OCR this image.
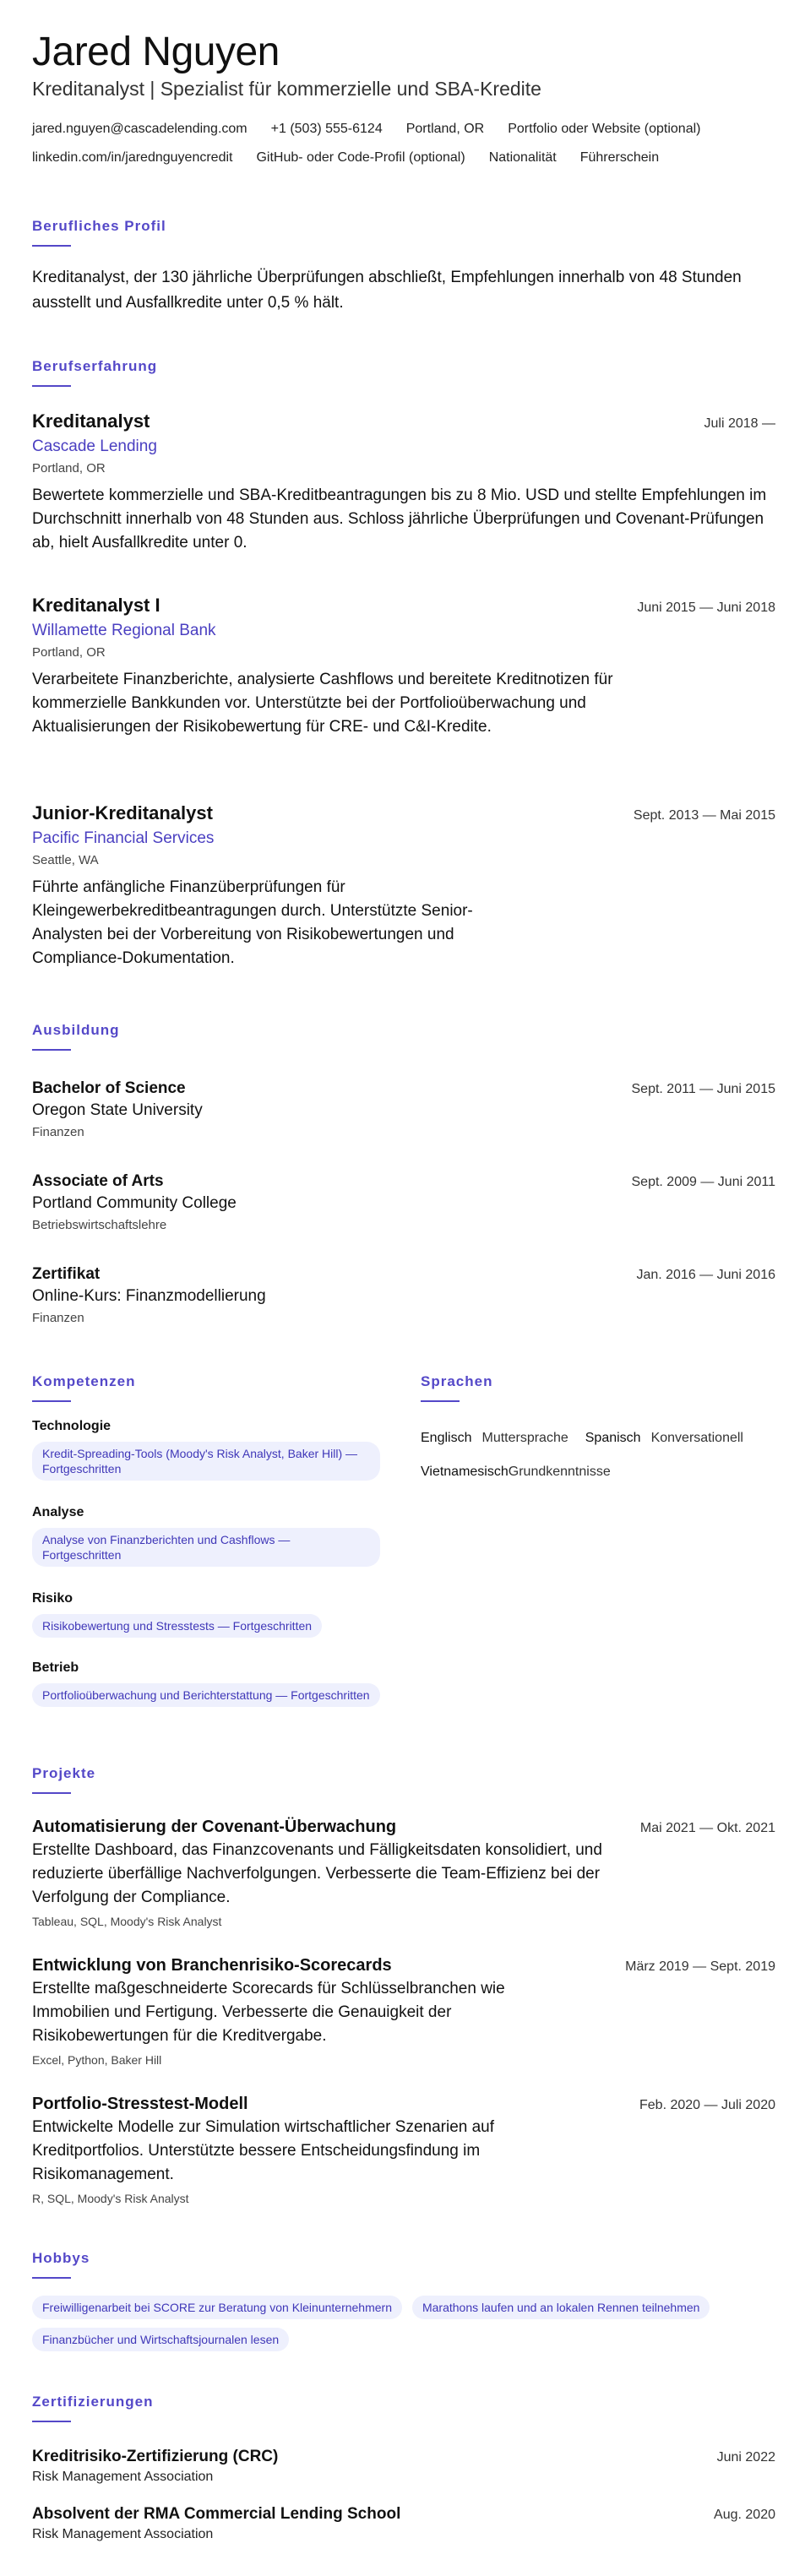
Jared Nguyen
Kreditanalyst | Spezialist für kommerzielle und SBA-Kredite
jared.nguyen@cascadelending.com +1 (503) 555-6124 Portland, OR Portfolio oder Website (optional)
linkedin.com/in/jarednguyencredit GitHub- oder Code-Profil (optional) Nationalität Führerschein
Berufliches Profil
Kreditanalyst, der 130 jährliche Überprüfungen abschließt, Empfehlungen innerhalb von 48 Stunden ausstellt und Ausfallkredite unter 0,5 % hält.
Berufserfahrung
Kreditanalyst	Juli 2018 —
Cascade Lending
Portland, OR
Bewertete kommerzielle und SBA-Kreditbeantragungen bis zu 8 Mio. USD und stellte Empfehlungen im Durchschnitt innerhalb von 48 Stunden aus. Schloss jährliche Überprüfungen und Covenant-Prüfungen ab, hielt Ausfallkredite unter 0.
Kreditanalyst I	Juni 2015 — Juni 2018
Willamette Regional Bank
Portland, OR
Verarbeitete Finanzberichte, analysierte Cashflows und bereitete Kreditnotizen für kommerzielle Bankkunden vor. Unterstützte bei der Portfolioüberwachung und Aktualisierungen der Risikobewertung für CRE- und C&I-Kredite.
Junior-Kreditanalyst	Sept. 2013 — Mai 2015
Pacific Financial Services
Seattle, WA
Führte anfängliche Finanzüberprüfungen für Kleingewerbekreditbeantragungen durch. Unterstützte Senior-Analysten bei der Vorbereitung von Risikobewertungen und Compliance-Dokumentation.
Ausbildung
Bachelor of Science	Sept. 2011 — Juni 2015
Oregon State University
Finanzen
Associate of Arts	Sept. 2009 — Juni 2011
Portland Community College
Betriebswirtschaftslehre
Zertifikat	Jan. 2016 — Juni 2016
Online-Kurs: Finanzmodellierung
Finanzen
Kompetenzen
Technologie
Kredit-Spreading-Tools (Moody's Risk Analyst, Baker Hill) — Fortgeschritten
Analyse
Analyse von Finanzberichten und Cashflows — Fortgeschritten
Risiko
Risikobewertung und Stresstests — Fortgeschritten
Betrieb
Portfolioüberwachung und Berichterstattung — Fortgeschritten
Sprachen
Englisch Muttersprache Spanisch Konversationell
Vietnamesisch Grundkenntnisse
Projekte
Automatisierung der Covenant-Überwachung	Mai 2021 — Okt. 2021
Erstellte Dashboard, das Finanzcovenants und Fälligkeitsdaten konsolidiert, und reduzierte überfällige Nachverfolgungen. Verbesserte die Team-Effizienz bei der Verfolgung der Compliance.
Tableau, SQL, Moody's Risk Analyst
Entwicklung von Branchenrisiko-Scorecards	März 2019 — Sept. 2019
Erstellte maßgeschneiderte Scorecards für Schlüsselbranchen wie Immobilien und Fertigung. Verbesserte die Genauigkeit der Risikobewertungen für die Kreditvergabe.
Excel, Python, Baker Hill
Portfolio-Stresstest-Modell	Feb. 2020 — Juli 2020
Entwickelte Modelle zur Simulation wirtschaftlicher Szenarien auf Kreditportfolios. Unterstützte bessere Entscheidungsfindung im Risikomanagement.
R, SQL, Moody's Risk Analyst
Hobbys
Freiwilligenarbeit bei SCORE zur Beratung von Kleinunternehmern	Marathons laufen und an lokalen Rennen teilnehmen
Finanzbücher und Wirtschaftsjournalen lesen
Zertifizierungen
Kreditrisiko-Zertifizierung (CRC)	Juni 2022
Risk Management Association
Absolvent der RMA Commercial Lending School	Aug. 2020
Risk Management Association
